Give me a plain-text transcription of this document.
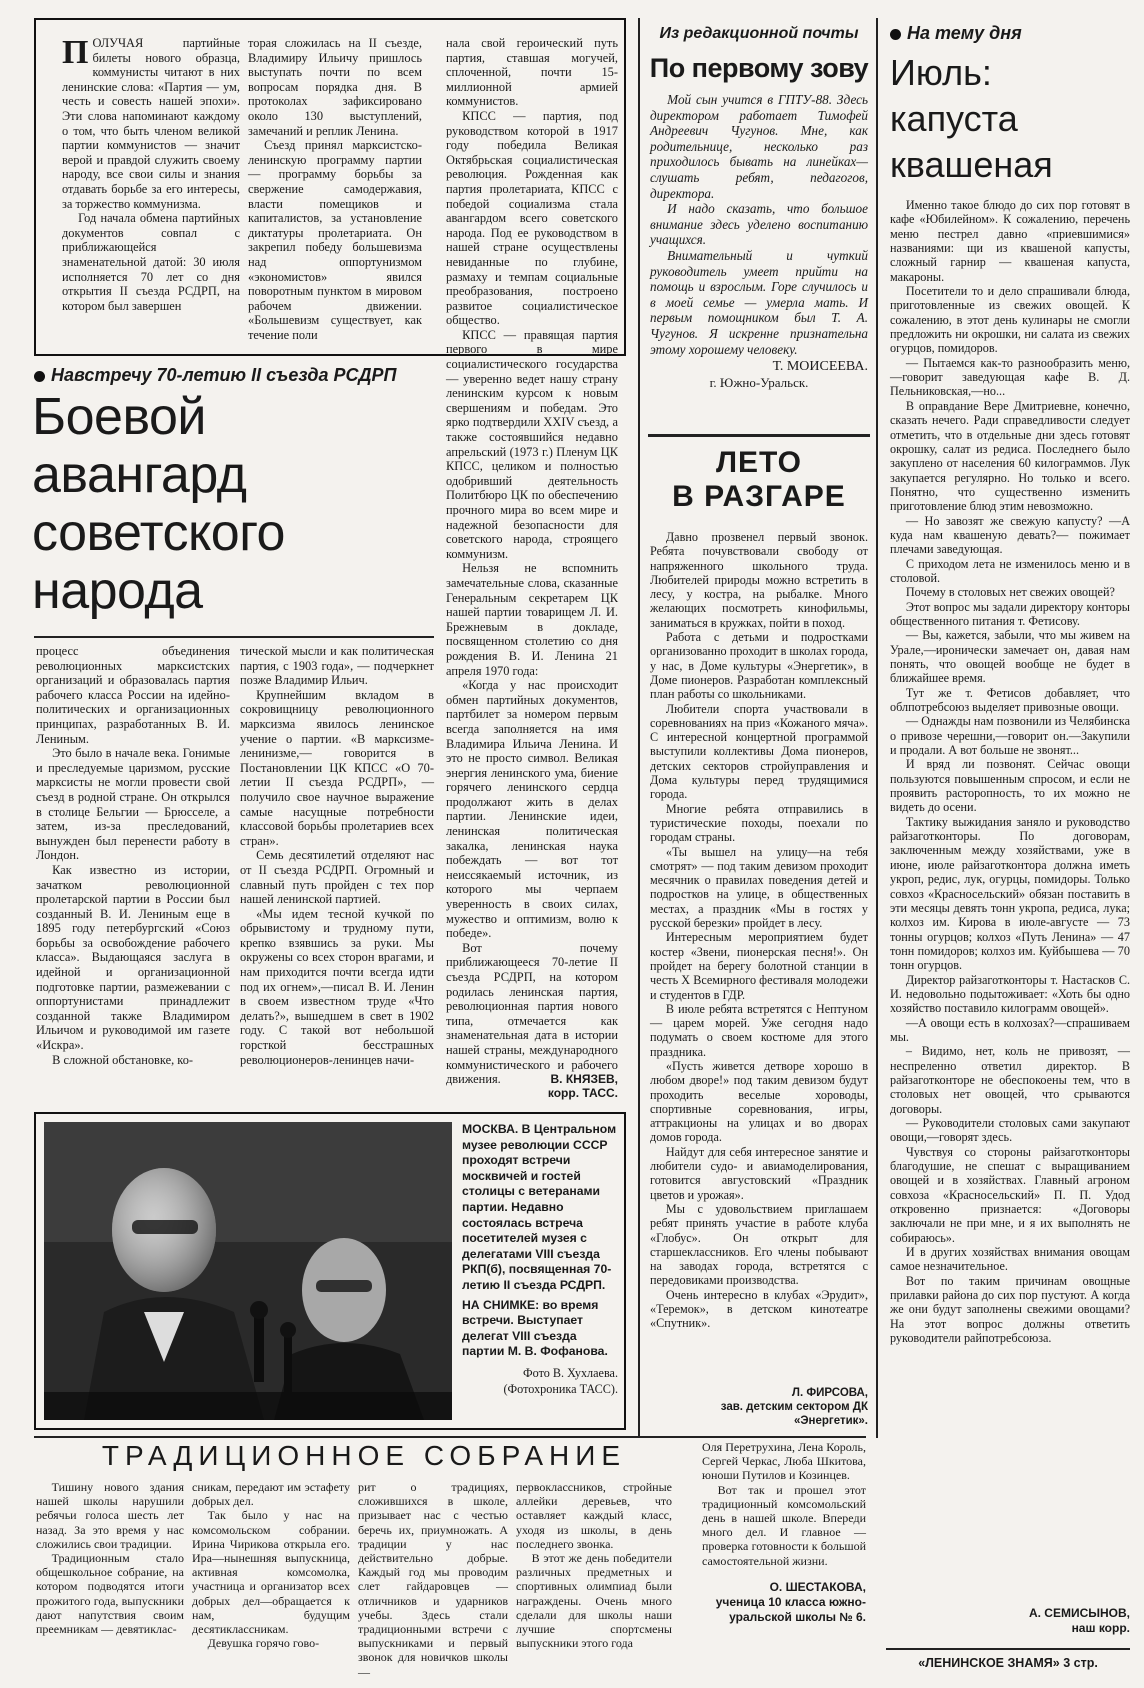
П ОЛУЧАЯ партийные билеты нового образца, коммунисты читают в них ленинские слова: «Партия — ум, честь и совесть нашей эпохи». Эти слова напоминают каждому о том, что быть членом великой партии коммунистов — значит верой и правдой служить своему народу, все свои силы и знания отдавать борьбе за его интересы, за торжество коммунизма.

Год начала обмена партийных документов совпал с приближающейся знаменательной датой: 30 июля исполняется 70 лет со дня открытия II съезда РСДРП, на котором был завершен

торая сложилась на II съезде, Владимиру Ильичу пришлось выступать почти по всем вопросам порядка дня. В протоколах зафиксировано около 130 выступлений, замечаний и реплик Ленина.

Съезд принял марксистско-ленинскую программу партии — программу борьбы за свержение самодержавия, власти помещиков и капиталистов, за установление диктатуры пролетариата. Он закрепил победу большевизма над оппортунизмом «экономистов» явился поворотным пунктом в мировом рабочем движении. «Большевизм существует, как течение поли

Навстречу 70-летию II съезда РСДРП
Боевой
авангард
советского
народа

процесс объединения революционных марксистских организаций и образовалась партия рабочего класса России на идейно-политических и организационных принципах, разработанных В. И. Лениным.

Это было в начале века. Гонимые и преследуемые царизмом, русские марксисты не могли провести свой съезд в родной стране. Он открылся в столице Бельгии — Брюсселе, а затем, из-за преследований, вынужден был перенести работу в Лондон.

Как известно из истории, зачатком революционной пролетарской партии в России был созданный В. И. Лениным еще в 1895 году петербургский «Союз борьбы за освобождение рабочего класса». Выдающаяся заслуга в идейной и организационной подготовке партии, размежевании с оппортунистами принадлежит созданной также Владимиром Ильичом и руководимой им газете «Искра».

В сложной обстановке, ко-

тической мысли и как политическая партия, с 1903 года», — подчеркнет позже Владимир Ильич.

Крупнейшим вкладом в сокровищницу революционного марксизма явилось ленинское учение о партии. «В марксизме-ленинизме,— говорится в Постановлении ЦК КПСС «О 70-летии II съезда РСДРП», — получило свое научное выражение самые насущные потребности классовой борьбы пролетариев всех стран».

Семь десятилетий отделяют нас от II съезда РСДРП. Огромный и славный путь пройден с тех пор нашей ленинской партией.

«Мы идем тесной кучкой по обрывистому и трудному пути, крепко взявшись за руки. Мы окружены со всех сторон врагами, и нам приходится почти всегда идти под их огнем»,—писал В. И. Ленин в своем известном труде «Что делать?», вышедшем в свет в 1902 году. С такой вот небольшой горсткой бесстрашных революционеров-ленинцев начи-

нала свой героический путь партия, ставшая могучей, сплоченной, почти 15-миллионной армией коммунистов.

КПСС — партия, под руководством которой в 1917 году победила Великая Октябрьская социалистическая революция. Рожденная как партия пролетариата, КПСС с победой социализма стала авангардом всего советского народа. Под ее руководством в нашей стране осуществлены невиданные по глубине, размаху и темпам социальные преобразования, построено развитое социалистическое общество.

КПСС — правящая партия первого в мире социалистического государства — уверенно ведет нашу страну ленинским курсом к новым свершениям и победам. Это ярко подтвердили XXIV съезд, а также состоявшийся недавно апрельский (1973 г.) Пленум ЦК КПСС, целиком и полностью одобривший деятельность Политбюро ЦК по обеспечению прочного мира во всем мире и надежной безопасности для советского народа, строящего коммунизм.

Нельзя не вспомнить замечательные слова, сказанные Генеральным секретарем ЦК нашей партии товарищем Л. И. Брежневым в докладе, посвященном столетию со дня рождения В. И. Ленина 21 апреля 1970 года:

«Когда у нас происходит обмен партийных документов, партбилет за номером первым всегда заполняется на имя Владимира Ильича Ленина. И это не просто символ. Великая энергия ленинского ума, биение горячего ленинского сердца продолжают жить в делах партии. Ленинские идеи, ленинская политическая закалка, ленинская наука побеждать — вот тот неиссякаемый источник, из которого мы черпаем уверенность в своих силах, мужество и оптимизм, волю к победе».

Вот почему приближающееся 70-летие II съезда РСДРП, на котором родилась ленинская партия, революционная партия нового типа, отмечается как знаменательная дата в истории нашей страны, международного коммунистического и рабочего движения.	В. КНЯЗЕВ,
корр. ТАСС.
МОСКВА. В Центральном музее революции СССР проходят встречи москвичей и гостей столицы с ветеранами партии. Недавно состоялась встреча посетителей музея с делегатами VIII съезда РКП(б), посвященная 70-летию II съезда РСДРП.
НА СНИМКЕ: во время встречи. Выступает делегат VIII съезда партии М. В. Фофанова.
Фото В. Хухлаева.
(Фотохроника ТАСС).
Из редакционной почты
По первому зову

Мой сын учится в ГПТУ-88. Здесь директором работает Тимофей Андреевич Чугунов. Мне, как родительнице, несколько раз приходилось бывать на линейках—слушать ребят, педагогов, директора.

И надо сказать, что большое внимание здесь уделено воспитанию учащихся.

Внимательный и чуткий руководитель умеет прийти на помощь и взрослым. Горе случилось и в моей семье — умерла мать. И первым помощником был Т. А. Чугунов. Я искренне признательна этому хорошему человеку.

Т. МОИСЕЕВА.
г. Южно-Уральск.
ЛЕТО
В РАЗГАРЕ

Давно прозвенел первый звонок. Ребята почувствовали свободу от напряженного школьного труда. Любителей природы можно встретить в лесу, у костра, на рыбалке. Много желающих посмотреть кинофильмы, заниматься в кружках, пойти в поход.

Работа с детьми и подростками организованно проходит в школах города, у нас, в Доме культуры «Энергетик», в Доме пионеров. Разработан комплексный план работы со школьниками.

Любители спорта участвовали в соревнованиях на приз «Кожаного мяча». С интересной концертной программой выступили коллективы Дома пионеров, детских секторов стройуправления и Дома культуры перед трудящимися города.

Многие ребята отправились в туристические походы, поехали по городам страны.

«Ты вышел на улицу—на тебя смотрят» — под таким девизом проходит месячник о правилах поведения детей и подростков на улице, в общественных местах, а праздник «Мы в гостях у русской березки» пройдет в лесу.

Интересным мероприятием будет костер «Звени, пионерская песня!». Он пройдет на берегу болотной станции в честь X Всемирного фестиваля молодежи и студентов в ГДР.

В июле ребята встретятся с Нептуном — царем морей. Уже сегодня надо подумать о своем костюме для этого праздника.

«Пусть живется детворе хорошо в любом дворе!» под таким девизом будут проходить веселые хороводы, спортивные соревнования, игры, аттракционы на улицах и во дворах домов города.

Найдут для себя интересное занятие и любители судо- и авиамоделирования, готовится августовский «Праздник цветов и урожая».

Мы с удовольствием приглашаем ребят принять участие в работе клуба «Глобус». Он открыт для старшеклассников. Его члены побывают на заводах города, встретятся с передовиками производства.

Очень интересно в клубах «Эрудит», «Теремок», в детском кинотеатре «Спутник».

Л. ФИРСОВА,
зав. детским сектором ДК «Энергетик».
На тему дня
Июль:
капуста
квашеная

Именно такое блюдо до сих пор готовят в кафе «Юбилейном». К сожалению, перечень меню пестрел давно «приевшимися» названиями: щи из квашеной капусты, сложный гарнир — квашеная капуста, макароны.

Посетители то и дело спрашивали блюда, приготовленные из свежих овощей. К сожалению, в этот день кулинары не смогли предложить ни окрошки, ни салата из свежих огурцов, помидоров.

— Пытаемся как-то разнообразить меню,—говорит заведующая кафе В. Д. Пельниковская,—но...

В оправдание Вере Дмитриевне, конечно, сказать нечего. Ради справедливости следует отметить, что в отдельные дни здесь готовят окрошку, салат из редиса. Последнего было закуплено от населения 60 килограммов. Лук закупается регулярно. Но только и всего. Понятно, что существенно изменить приготовление блюд этим невозможно.

— Но завозят же свежую капусту? —А куда нам квашеную девать?— пожимает плечами заведующая.

С приходом лета не изменилось меню и в столовой.

Почему в столовых нет свежих овощей?

Этот вопрос мы задали директору конторы общественного питания т. Фетисову.

— Вы, кажется, забыли, что мы живем на Урале,—иронически замечает он, давая нам понять, что овощей вообще не будет в ближайшее время.

Тут же т. Фетисов добавляет, что облпотребсоюз выделяет привозные овощи.

— Однажды нам позвонили из Челябинска о привозе черешни,—говорит он.—Закупили и продали. А вот больше не звонят...

И вряд ли позвонят. Сейчас овощи пользуются повышенным спросом, и если не проявить расторопность, то их можно не видеть до осени.

Тактику выжидания заняло и руководство райзаготконторы. По договорам, заключенным между хозяйствами, уже в июне, июле райзаготконтора должна иметь укроп, редис, лук, огурцы, помидоры. Только совхоз «Красносельский» обязан поставить в эти месяцы девять тонн укропа, редиса, лука; колхоз им. Кирова в июле-августе — 73 тонны огурцов; колхоз «Путь Ленина» — 47 тонн помидоров; колхоз им. Куйбышева — 70 тонн огурцов.

Директор райзаготконторы т. Настасков С. И. недовольно подытоживает: «Хоть бы одно хозяйство поставило килограмм овощей».

—А овощи есть в колхозах?—спрашиваем мы.

– Видимо, нет, коль не привозят, — неспреленно ответил директор. В райзаготконторе не обеспокоены тем, что в столовых нет овощей, что срываются договоры.

— Руководители столовых сами закупают овощи,—говорят здесь.

Чувствуя со стороны райзаготконторы благодушие, не спешат с выращиванием овощей и в хозяйствах. Главный агроном совхоза «Красносельский» П. П. Удод откровенно признается: «Договоры заключали не при мне, и я их выполнять не собираюсь».

И в других хозяйствах внимания овощам самое незначительное.

Вот по таким причинам овощные прилавки района до сих пор пустуют. А когда же они будут заполнены свежими овощами? На этот вопрос должны ответить руководители райпотребсоюза.

А. СЕМИСЫНОВ,
наш корр.
ТРАДИЦИОННОЕ СОБРАНИЕ

Тишину нового здания нашей школы нарушили ребячьи голоса шесть лет назад. За это время у нас сложились свои традиции.

Традиционным стало общешкольное собрание, на котором подводятся итоги прожитого года, выпускники дают напутствия своим преемникам — девятиклас-

сникам, передают им эстафету добрых дел.

Так было у нас на комсомольском собрании. Ирина Чирикова открыла его. Ира—нынешняя выпускница, активная комсомолка, участница и организатор всех добрых дел—обращается к нам, будущим десятиклассникам.

Девушка горячо гово-

рит о традициях, сложившихся в школе, призывает нас с честью беречь их, приумножать. А традиции у нас действительно добрые. Каждый год мы проводим слет гайдаровцев — отличников и ударников учебы. Здесь стали традиционными встречи с выпускниками и первый звонок для новичков школы —

первоклассников, стройные аллейки деревьев, что оставляет каждый класс, уходя из школы, в день последнего звонка.

В этот же день победители различных предметных и спортивных олимпиад были награждены. Очень много сделали для школы наши лучшие спортсмены выпускники этого года

Оля Перетрухина, Лена Король, Сергей Черкас, Люба Шкитова, юноши Путилов и Козинцев.

Вот так и прошел этот традиционный комсомольский день в нашей школе. Впереди много дел. И главное — проверка готовности к большой самостоятельной жизни.

О. ШЕСТАКОВА,
ученица 10 класса южно-уральской школы № 6.
«ЛЕНИНСКОЕ ЗНАМЯ» 3 стр.
